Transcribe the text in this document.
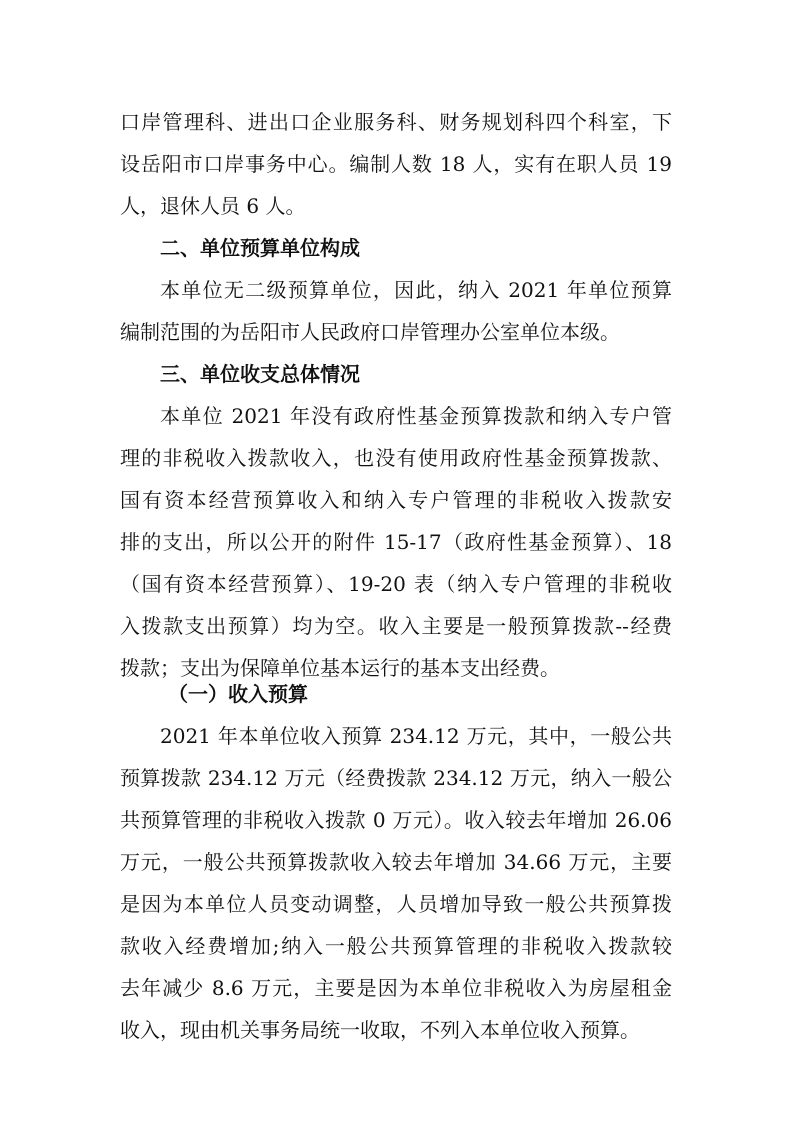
口岸管理科、进出口企业服务科、财务规划科四个科室，下
设岳阳市口岸事务中心。编制人数 18 人，实有在职人员 19
人，退休人员 6 人。
二、单位预算单位构成
本单位无二级预算单位，因此，纳入 2021 年单位预算
编制范围的为岳阳市人民政府口岸管理办公室单位本级。
三、单位收支总体情况
本单位 2021 年没有政府性基金预算拨款和纳入专户管
理的非税收入拨款收入，也没有使用政府性基金预算拨款、
国有资本经营预算收入和纳入专户管理的非税收入拨款安
排的支出，所以公开的附件 15-17（政府性基金预算）、18
（国有资本经营预算）、19-20 表（纳入专户管理的非税收
入拨款支出预算）均为空。收入主要是一般预算拨款--经费
拨款；支出为保障单位基本运行的基本支出经费。
（一）收入预算
2021 年本单位收入预算 234.12 万元，其中，一般公共
预算拨款 234.12 万元（经费拨款 234.12 万元，纳入一般公
共预算管理的非税收入拨款 0 万元）。收入较去年增加 26.06
万元，一般公共预算拨款收入较去年增加 34.66 万元，主要
是因为本单位人员变动调整，人员增加导致一般公共预算拨
款收入经费增加;纳入一般公共预算管理的非税收入拨款较
收入，现由机关事务局统一收取，不列入本单位收入预算。
去年减少 8.6 万元，主要是因为本单位非税收入为房屋租金
